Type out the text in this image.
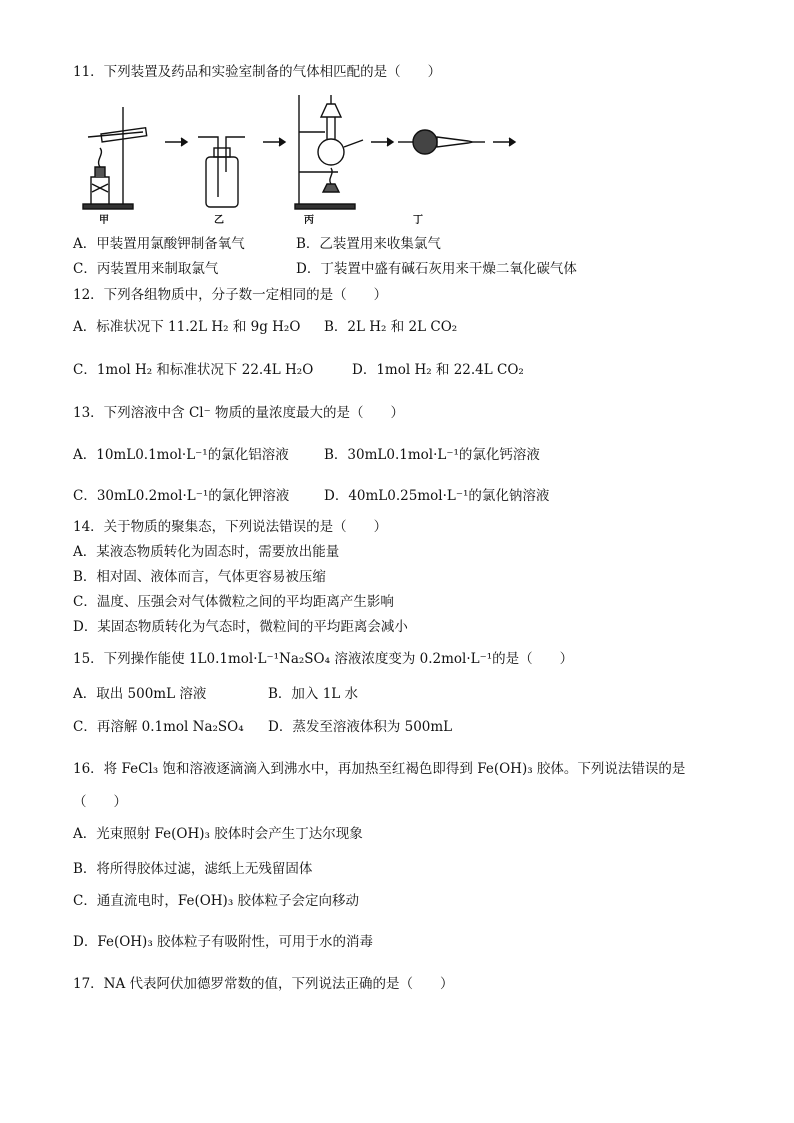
11．下列装置及药品和实验室制备的气体相匹配的是（　　）
甲	乙	丙	丁
A．甲装置用氯酸钾制备氧气	B．乙装置用来收集氯气
C．丙装置用来制取氯气	D．丁装置中盛有碱石灰用来干燥二氧化碳气体
12．下列各组物质中，分子数一定相同的是（　　）
A．标准状况下 11.2L H₂ 和 9g H₂O B．2L H₂ 和 2L CO₂
C．1mol H₂ 和标准状况下 22.4L H₂O	D．1mol H₂ 和 22.4L CO₂
13．下列溶液中含 Cl⁻ 物质的量浓度最大的是（　　）
A．10mL0.1mol·L⁻¹的氯化铝溶液	B．30mL0.1mol·L⁻¹的氯化钙溶液
C．30mL0.2mol·L⁻¹的氯化钾溶液	D．40mL0.25mol·L⁻¹的氯化钠溶液
14．关于物质的聚集态，下列说法错误的是（　　）
A．某液态物质转化为固态时，需要放出能量
B．相对固、液体而言，气体更容易被压缩
C．温度、压强会对气体微粒之间的平均距离产生影响
D．某固态物质转化为气态时，微粒间的平均距离会减小
15．下列操作能使 1L0.1mol·L⁻¹Na₂SO₄ 溶液浓度变为 0.2mol·L⁻¹的是（　　）
A．取出 500mL 溶液	B．加入 1L 水
C．再溶解 0.1mol Na₂SO₄ D．蒸发至溶液体积为 500mL
16．将 FeCl₃ 饱和溶液逐滴滴入到沸水中，再加热至红褐色即得到 Fe(OH)₃ 胶体。下列说法错误的是
（　　）
A．光束照射 Fe(OH)₃ 胶体时会产生丁达尔现象
B．将所得胶体过滤，滤纸上无残留固体
C．通直流电时，Fe(OH)₃ 胶体粒子会定向移动
D．Fe(OH)₃ 胶体粒子有吸附性，可用于水的消毒
17．NA 代表阿伏加德罗常数的值，下列说法正确的是（　　）
